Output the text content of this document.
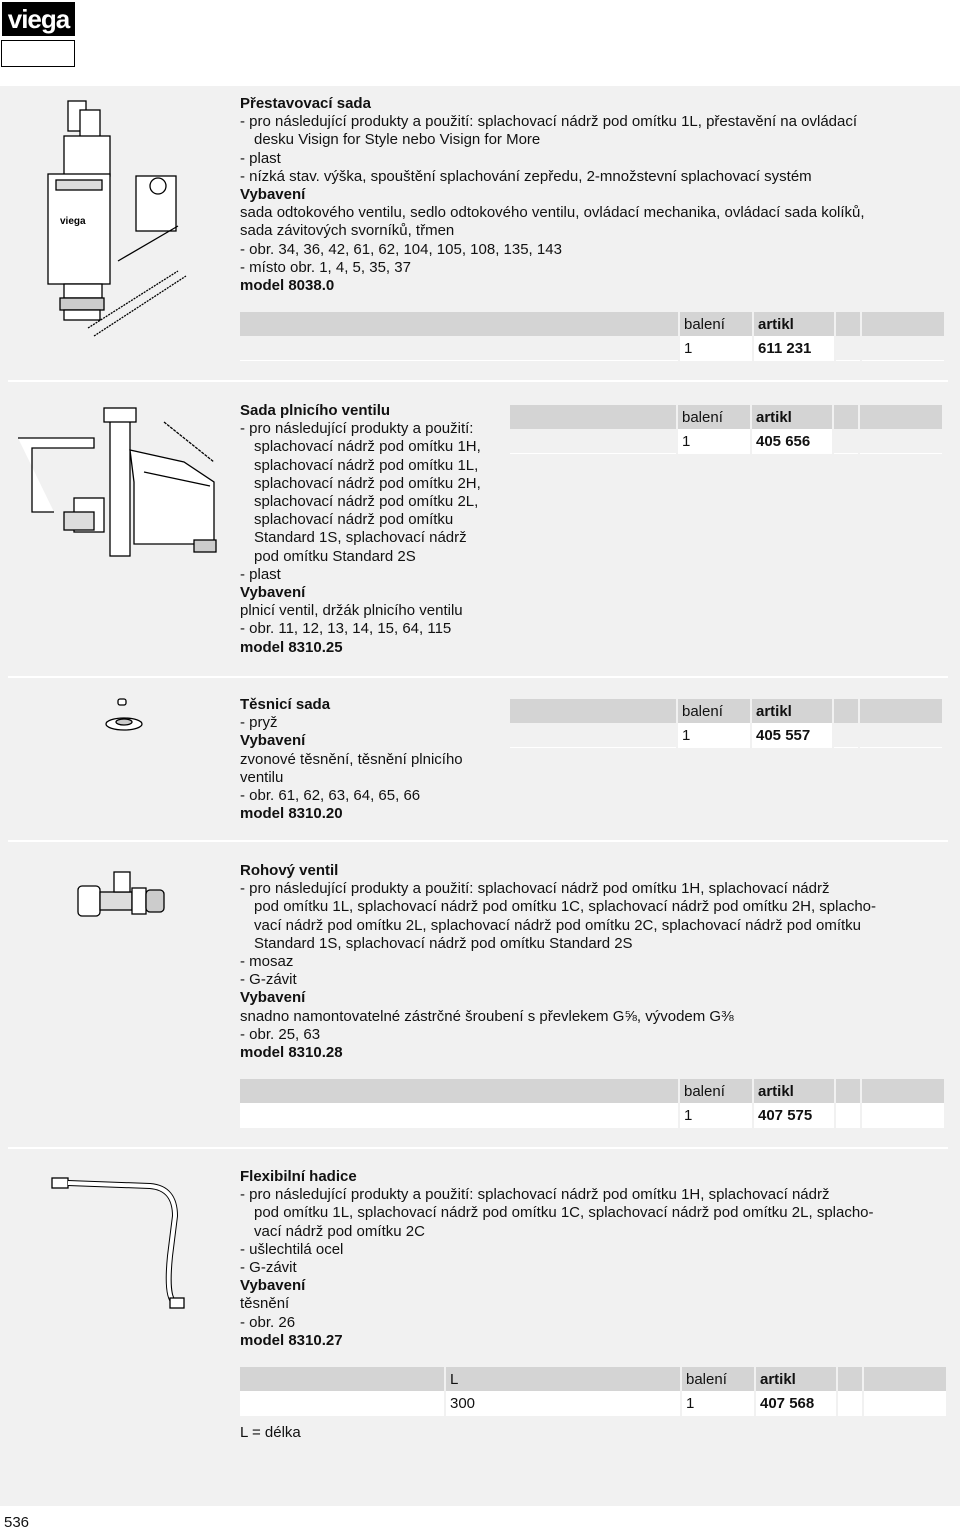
viega
viega
Přestavovací sada
- pro následující produkty a použití: splachovací nádrž pod omítku 1L, přestavění na ovládací
desku Visign for Style nebo Visign for More
- plast
- nízká stav. výška, spouštění splachování zepředu, 2-množstevní splachovací systém
Vybavení
sada odtokového ventilu, sedlo odtokového ventilu, ovládací mechanika, ovládací sada kolíků,
sada závitových svorníků, třmen
- obr. 34, 36, 42, 61, 62, 104, 105, 108, 135, 143
- místo obr. 1, 4, 5, 35, 37
model 8038.0
	balení	artikl		
	1	611 231		
Sada plnicího ventilu
- pro následující produkty a použití:
splachovací nádrž pod omítku 1H,
splachovací nádrž pod omítku 1L,
splachovací nádrž pod omítku 2H,
splachovací nádrž pod omítku 2L,
splachovací nádrž pod omítku
Standard 1S, splachovací nádrž
pod omítku Standard 2S
- plast
Vybavení
plnicí ventil, držák plnicího ventilu
- obr. 11, 12, 13, 14, 15, 64, 115
model 8310.25
	balení	artikl		
	1	405 656		
Těsnicí sada
- pryž
Vybavení
zvonové těsnění, těsnění plnicího
ventilu
- obr. 61, 62, 63, 64, 65, 66
model 8310.20
	balení	artikl		
	1	405 557		
Rohový ventil
- pro následující produkty a použití: splachovací nádrž pod omítku 1H, splachovací nádrž
pod omítku 1L, splachovací nádrž pod omítku 1C, splachovací nádrž pod omítku 2H, splacho-
vací nádrž pod omítku 2L, splachovací nádrž pod omítku 2C, splachovací nádrž pod omítku
Standard 1S, splachovací nádrž pod omítku Standard 2S
- mosaz
- G-závit
Vybavení
snadno namontovatelné zástrčné šroubení s převlekem G⅝, vývodem G⅜
- obr. 25, 63
model 8310.28
	balení	artikl		
	1	407 575		
Flexibilní hadice
- pro následující produkty a použití: splachovací nádrž pod omítku 1H, splachovací nádrž
pod omítku 1L, splachovací nádrž pod omítku 1C, splachovací nádrž pod omítku 2L, splacho-
vací nádrž pod omítku 2C
- ušlechtilá ocel
- G-závit
Vybavení
těsnění
- obr. 26
model 8310.27
	L	balení	artikl		
	300	1	407 568		
L = délka
536
